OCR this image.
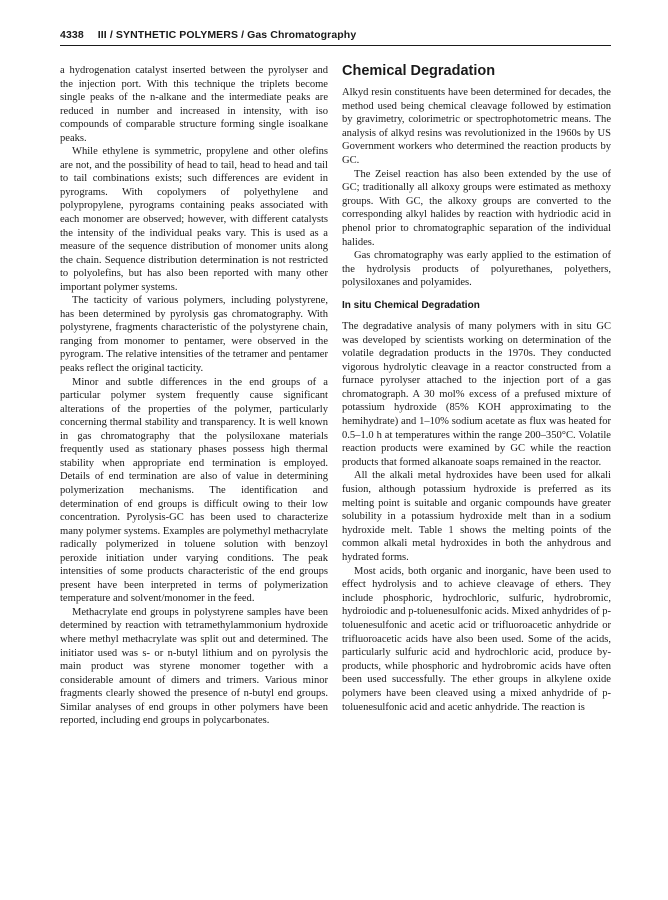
4338 III / SYNTHETIC POLYMERS / Gas Chromatography

a hydrogenation catalyst inserted between the pyrolyser and the injection port. With this technique the triplets become single peaks of the n-alkane and the intermediate peaks are reduced in number and increased in intensity, with iso compounds of comparable structure forming single isoalkane peaks.

While ethylene is symmetric, propylene and other olefins are not, and the possibility of head to tail, head to head and tail to tail combinations exists; such differences are evident in pyrograms. With copolymers of polyethylene and polypropylene, pyrograms containing peaks associated with each monomer are observed; however, with different catalysts the intensity of the individual peaks vary. This is used as a measure of the sequence distribution of monomer units along the chain. Sequence distribution determination is not restricted to polyolefins, but has also been reported with many other important polymer systems.

The tacticity of various polymers, including polystyrene, has been determined by pyrolysis gas chromatography. With polystyrene, fragments characteristic of the polystyrene chain, ranging from monomer to pentamer, were observed in the pyrogram. The relative intensities of the tetramer and pentamer peaks reflect the original tacticity.

Minor and subtle differences in the end groups of a particular polymer system frequently cause significant alterations of the properties of the polymer, particularly concerning thermal stability and transparency. It is well known in gas chromatography that the polysiloxane materials frequently used as stationary phases possess high thermal stability when appropriate end termination is employed. Details of end termination are also of value in determining polymerization mechanisms. The identification and determination of end groups is difficult owing to their low concentration. Pyrolysis-GC has been used to characterize many polymer systems. Examples are polymethyl methacrylate radically polymerized in toluene solution with benzoyl peroxide initiation under varying conditions. The peak intensities of some products characteristic of the end groups present have been interpreted in terms of polymerization temperature and solvent/monomer in the feed.

Methacrylate end groups in polystyrene samples have been determined by reaction with tetramethylammonium hydroxide where methyl methacrylate was split out and determined. The initiator used was s- or n-butyl lithium and on pyrolysis the main product was styrene monomer together with a considerable amount of dimers and trimers. Various minor fragments clearly showed the presence of n-butyl end groups. Similar analyses of end groups in other polymers have been reported, including end groups in polycarbonates.

Chemical Degradation

Alkyd resin constituents have been determined for decades, the method used being chemical cleavage followed by estimation by gravimetry, colorimetric or spectrophotometric means. The analysis of alkyd resins was revolutionized in the 1960s by US Government workers who determined the reaction products by GC.

The Zeisel reaction has also been extended by the use of GC; traditionally all alkoxy groups were estimated as methoxy groups. With GC, the alkoxy groups are converted to the corresponding alkyl halides by reaction with hydriodic acid in phenol prior to chromatographic separation of the individual halides.

Gas chromatography was early applied to the estimation of the hydrolysis products of polyurethanes, polyethers, polysiloxanes and polyamides.

In situ Chemical Degradation

The degradative analysis of many polymers with in situ GC was developed by scientists working on determination of the volatile degradation products in the 1970s. They conducted vigorous hydrolytic cleavage in a reactor constructed from a furnace pyrolyser attached to the injection port of a gas chromatograph. A 30 mol% excess of a prefused mixture of potassium hydroxide (85% KOH approximating to the hemihydrate) and 1–10% sodium acetate as flux was heated for 0.5–1.0 h at temperatures within the range 200–350°C. Volatile reaction products were examined by GC while the reaction products that formed alkanoate soaps remained in the reactor.

All the alkali metal hydroxides have been used for alkali fusion, although potassium hydroxide is preferred as its melting point is suitable and organic compounds have greater solubility in a potassium hydroxide melt than in a sodium hydroxide melt. Table 1 shows the melting points of the common alkali metal hydroxides in both the anhydrous and hydrated forms.

Most acids, both organic and inorganic, have been used to effect hydrolysis and to achieve cleavage of ethers. They include phosphoric, hydrochloric, sulfuric, hydrobromic, hydroiodic and p-toluenesulfonic acids. Mixed anhydrides of p-toluenesulfonic and acetic acid or trifluoroacetic anhydride or trifluoroacetic acids have also been used. Some of the acids, particularly sulfuric acid and hydrochloric acid, produce by-products, while phosphoric and hydrobromic acids have often been used successfully. The ether groups in alkylene oxide polymers have been cleaved using a mixed anhydride of p-toluenesulfonic acid and acetic anhydride. The reaction is
